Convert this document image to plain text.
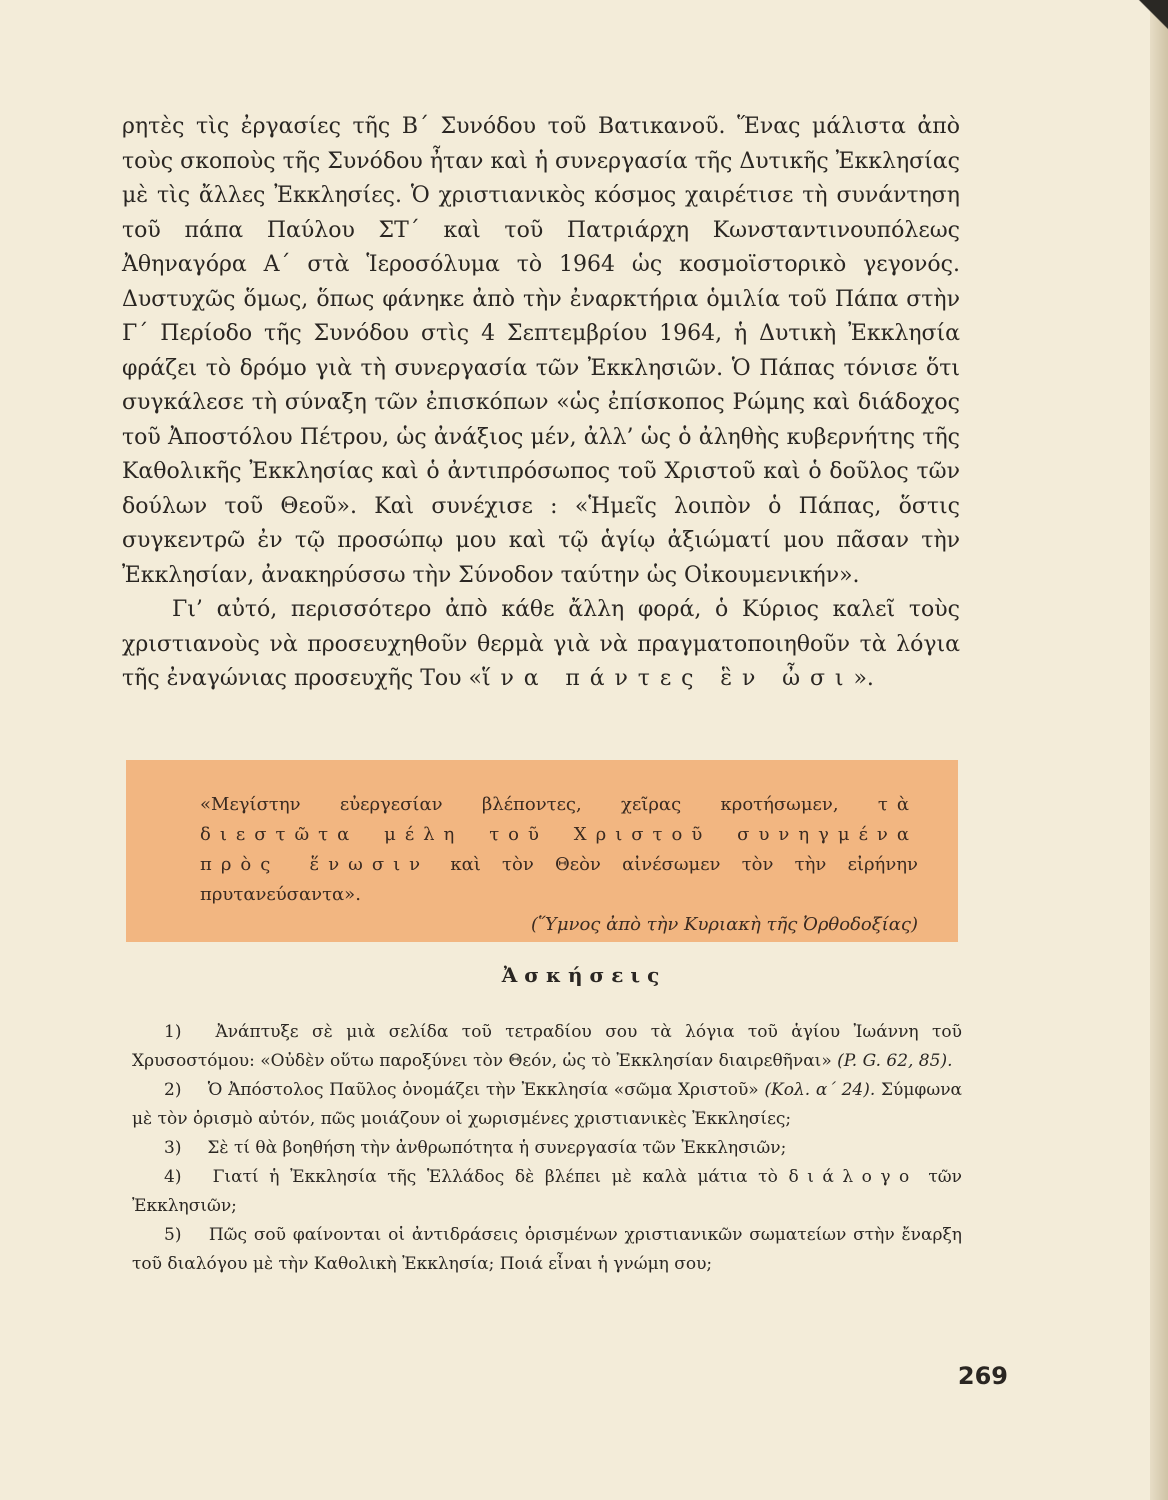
ρητὲς τὶς ἐργασίες τῆς Β΄ Συνόδου τοῦ Βατικανοῦ. Ἕνας μάλιστα ἀπὸ τοὺς σκοποὺς τῆς Συνόδου ἦταν καὶ ἡ συνεργασία τῆς Δυτικῆς Ἐκκλησίας μὲ τὶς ἄλλες Ἐκκλησίες. Ὁ χριστιανικὸς κόσμος χαιρέτισε τὴ συνάντηση τοῦ πάπα Παύλου ΣΤ΄ καὶ τοῦ Πατριάρχη Κωνσταντινουπόλεως Ἀθηναγόρα Α΄ στὰ Ἱεροσόλυμα τὸ 1964 ὡς κοσμοϊστορικὸ γεγονός. Δυστυχῶς ὅμως, ὅπως φάνηκε ἀπὸ τὴν ἐναρκτήρια ὁμιλία τοῦ Πάπα στὴν Γ΄ Περίοδο τῆς Συνόδου στὶς 4 Σεπτεμβρίου 1964, ἡ Δυτικὴ Ἐκκλησία φράζει τὸ δρόμο γιὰ τὴ συνεργασία τῶν Ἐκκλησιῶν. Ὁ Πάπας τόνισε ὅτι συγκάλεσε τὴ σύναξη τῶν ἐπισκόπων «ὡς ἐπίσκοπος Ρώμης καὶ διάδοχος τοῦ Ἀποστόλου Πέτρου, ὡς ἀνάξιος μέν, ἀλλ’ ὡς ὁ ἀληθὴς κυβερνήτης τῆς Καθολικῆς Ἐκκλησίας καὶ ὁ ἀντιπρόσωπος τοῦ Χριστοῦ καὶ ὁ δοῦλος τῶν δούλων τοῦ Θεοῦ». Καὶ συνέχισε : «Ἡμεῖς λοιπὸν ὁ Πάπας, ὅστις συγκεντρῶ ἐν τῷ προσώπῳ μου καὶ τῷ ἁγίῳ ἀξιώματί μου πᾶσαν τὴν Ἐκκλησίαν, ἀνακηρύσσω τὴν Σύνοδον ταύτην ὡς Οἰκουμενικήν».

Γι’ αὐτό, περισσότερο ἀπὸ κάθε ἄλλη φορά, ὁ Κύριος καλεῖ τοὺς χριστιανοὺς νὰ προσευχηθοῦν θερμὰ γιὰ νὰ πραγματοποιηθοῦν τὰ λόγια τῆς ἐναγώνιας προσευχῆς Του «ἵνα πάντες ἓν ὦσι».

«Μεγίστην εὐεργεσίαν βλέποντες, χεῖρας κροτήσωμεν, τὰ διεστῶτα μέλη τοῦ Χριστοῦ συνηγμένα πρὸς ἕνωσιν καὶ τὸν Θεὸν αἰνέσωμεν τὸν τὴν εἰρήνην πρυτανεύσαντα».

(Ὕμνος ἀπὸ τὴν Κυριακὴ τῆς Ὀρθοδοξίας)

Ἀσκήσεις

1) Ἀνάπτυξε σὲ μιὰ σελίδα τοῦ τετραδίου σου τὰ λόγια τοῦ ἁγίου Ἰωάννη τοῦ Χρυσοστόμου: «Οὐδὲν οὕτω παροξύνει τὸν Θεόν, ὡς τὸ Ἐκκλησίαν διαιρεθῆναι» (P. G. 62, 85).

2) Ὁ Ἀπόστολος Παῦλος ὀνομάζει τὴν Ἐκκλησία «σῶμα Χριστοῦ» (Κολ. α΄ 24). Σύμφωνα μὲ τὸν ὁρισμὸ αὐτόν, πῶς μοιάζουν οἱ χωρισμένες χριστιανικὲς Ἐκκλησίες;

3) Σὲ τί θὰ βοηθήση τὴν ἀνθρωπότητα ἡ συνεργασία τῶν Ἐκκλησιῶν;

4) Γιατί ἡ Ἐκκλησία τῆς Ἑλλάδος δὲ βλέπει μὲ καλὰ μάτια τὸ διάλογο τῶν Ἐκκλησιῶν;

5) Πῶς σοῦ φαίνονται οἱ ἀντιδράσεις ὁρισμένων χριστιανικῶν σωματείων στὴν ἔναρξη τοῦ διαλόγου μὲ τὴν Καθολικὴ Ἐκκλησία; Ποιά εἶναι ἡ γνώμη σου;

269
